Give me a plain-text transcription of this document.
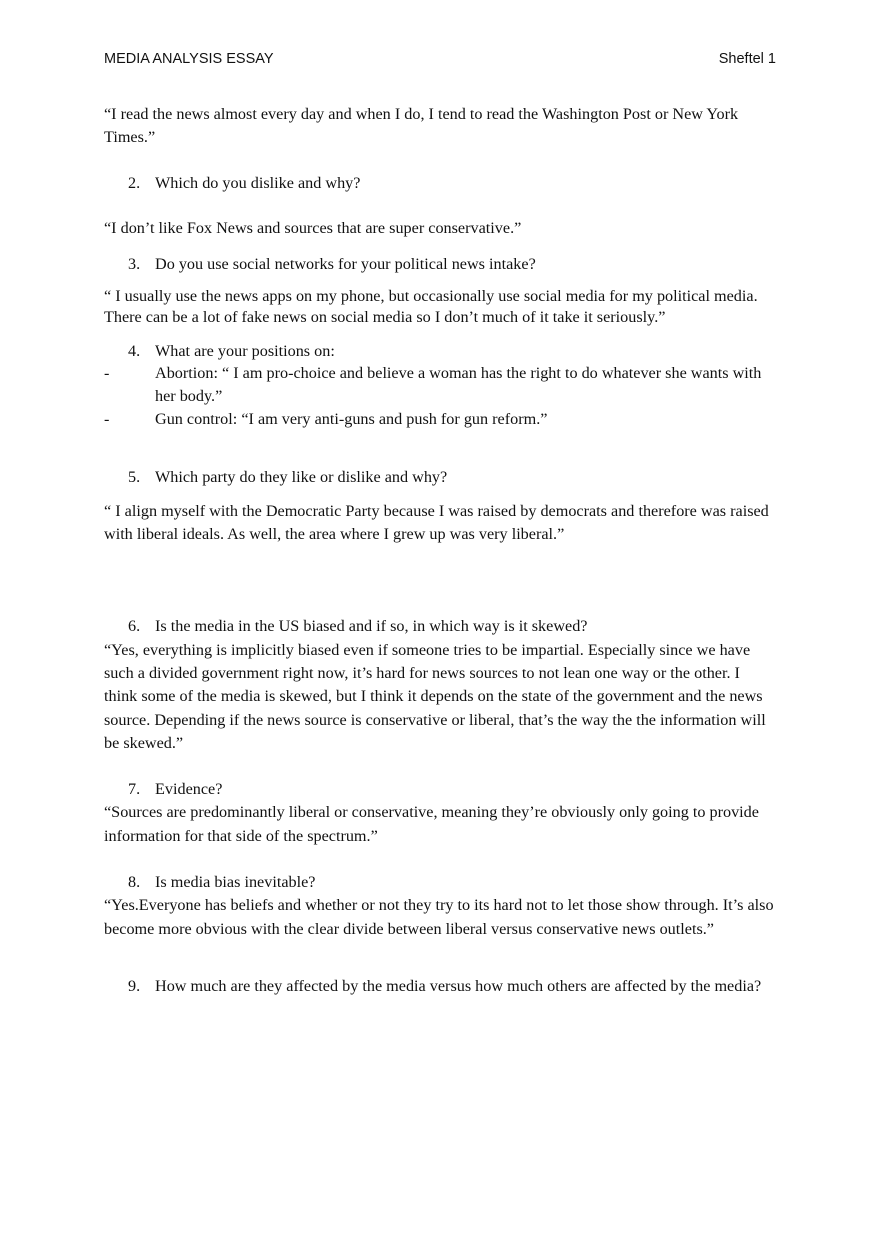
MEDIA ANALYSIS ESSAY	Sheftel 1

“I read the news almost every day and when I do, I tend to read the Washington Post or New York Times.”

2. Which do you dislike and why?

“I don’t like Fox News and sources that are super conservative.”

3. Do you use social networks for your political news intake?

“ I usually use the news apps on my phone, but occasionally use social media for my political media. There can be a lot of fake news on social media so I don’t much of it take it seriously.”

4. What are your positions on:

-	Abortion: “ I am pro-choice and believe a woman has the right to do whatever she wants with her body.”

-	Gun control: “I am very anti-guns and push for gun reform.”

5. Which party do they like or dislike and why?

“ I align myself with the Democratic Party because I was raised by democrats and therefore was raised with liberal ideals. As well, the area where I grew up was very liberal.”

6. Is the media in the US biased and if so, in which way is it skewed?

“Yes, everything is implicitly biased even if someone tries to be impartial. Especially since we have such a divided government right now, it’s hard for news sources to not lean one way or the other. I think some of the media is skewed, but I think it depends on the state of the government and the news source. Depending if the news source is conservative or liberal, that’s the way the the information will be skewed.”

7. Evidence?

“Sources are predominantly liberal or conservative, meaning they’re obviously only going to provide information for that side of the spectrum.”

8. Is media bias inevitable?

“Yes.Everyone has beliefs and whether or not they try to its hard not to let those show through. It’s also become more obvious with the clear divide between liberal versus conservative news outlets.”

9. How much are they affected by the media versus how much others are affected by the media?
